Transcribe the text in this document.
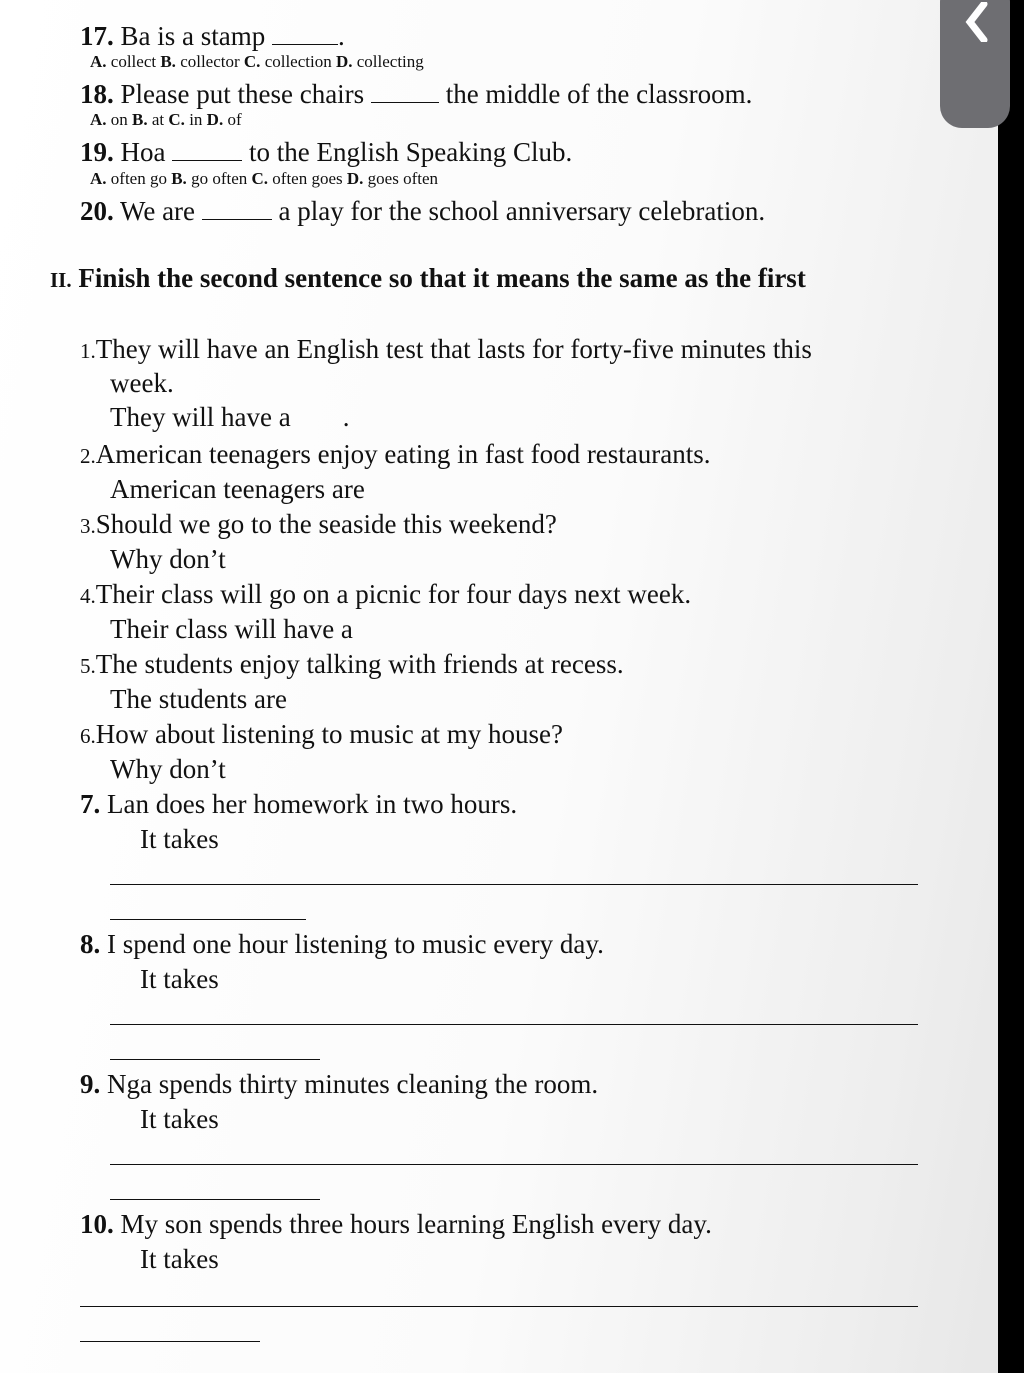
17. Ba is a stamp	.
A. collect B. collector C. collection D. collecting
18. Please put these chairs	the middle of the classroom.
A. on B. at C. in D. of
19. Hoa	to the English Speaking Club.
A. often go B. go often C. often goes D. goes often
20. We are	a play for the school anniversary celebration.
II. Finish the second sentence so that it means the same as the first
1.They will have an English test that lasts for forty-five minutes this
week.
They will have a .
2.American teenagers enjoy eating in fast food restaurants.
American teenagers are
3.Should we go to the seaside this weekend?
Why don’t
4.Their class will go on a picnic for four days next week.
Their class will have a
5.The students enjoy talking with friends at recess.
The students are
6.How about listening to music at my house?
Why don’t
7. Lan does her homework in two hours.
It takes
8. I spend one hour listening to music every day.
It takes
9. Nga spends thirty minutes cleaning the room.
It takes
10. My son spends three hours learning English every day.
It takes
